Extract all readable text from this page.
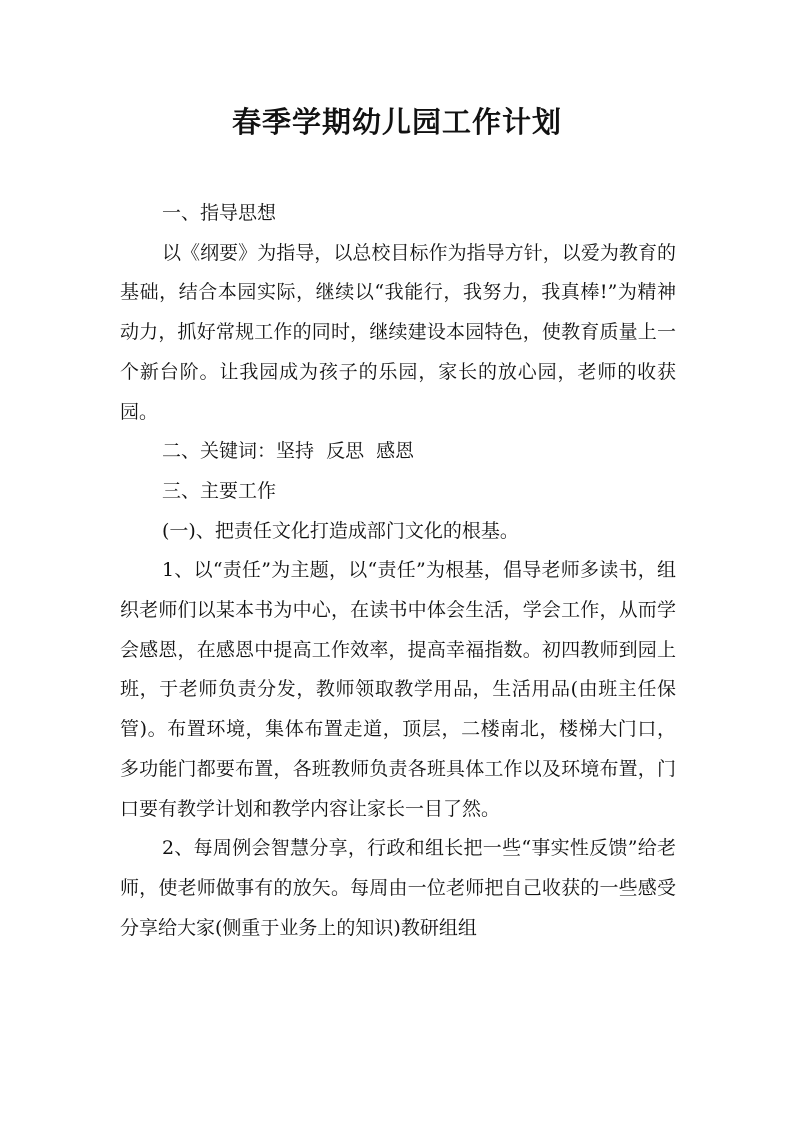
春季学期幼儿园工作计划

一、指导思想

以《纲要》为指导，以总校目标作为指导方针，以爱为教育的基础，结合本园实际，继续以“我能行，我努力，我真棒!”为精神动力，抓好常规工作的同时，继续建设本园特色，使教育质量上一个新台阶。让我园成为孩子的乐园，家长的放心园，老师的收获园。

二、关键词：坚持  反思  感恩

三、主要工作

(一)、把责任文化打造成部门文化的根基。

1、以“责任”为主题，以“责任”为根基，倡导老师多读书，组织老师们以某本书为中心，在读书中体会生活，学会工作，从而学会感恩，在感恩中提高工作效率，提高幸福指数。初四教师到园上班，于老师负责分发，教师领取教学用品，生活用品(由班主任保管)。布置环境，集体布置走道，顶层，二楼南北，楼梯大门口，多功能门都要布置，各班教师负责各班具体工作以及环境布置，门口要有教学计划和教学内容让家长一目了然。

2、每周例会智慧分享，行政和组长把一些“事实性反馈”给老师，使老师做事有的放矢。每周由一位老师把自己收获的一些感受分享给大家(侧重于业务上的知识)教研组组
